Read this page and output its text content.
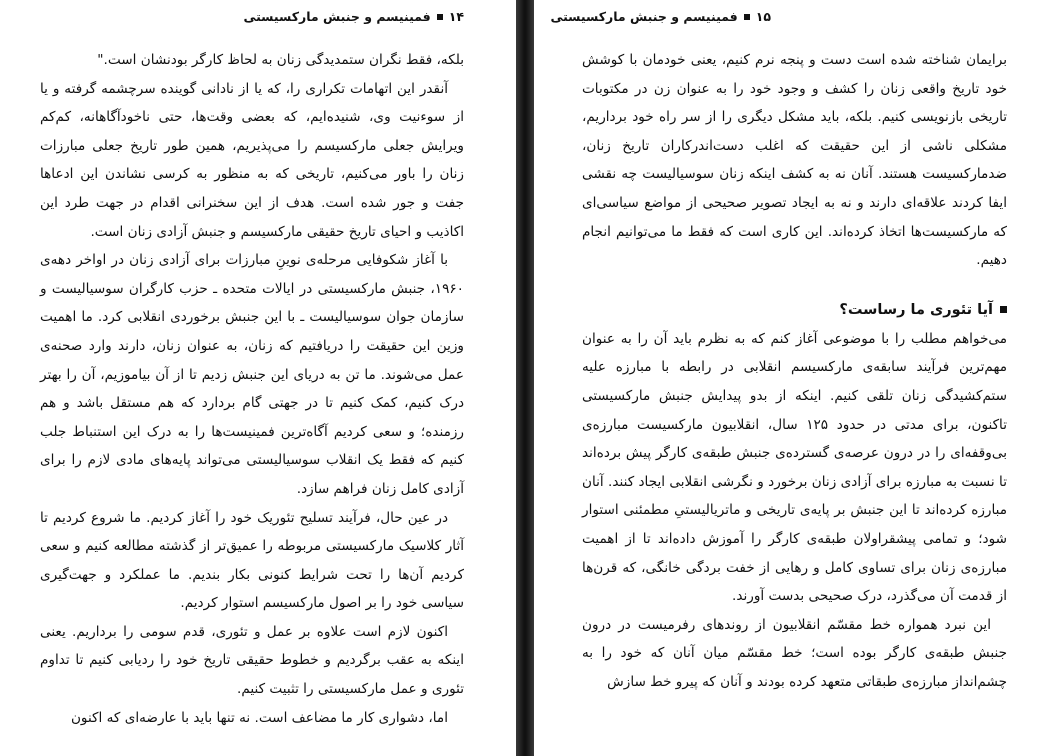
۱۴
فمینیسم و جنبش مارکسیستی

بلکه، فقط نگران ستمدیدگی زنان به لحاظ کارگر بودنشان است."

آنقدر این اتهامات تکراری را، که یا از نادانی گوینده سرچشمه گرفته و یا از سوءنیت وی، شنیده‌ایم، که بعضی وقت‌ها، حتی ناخودآگاهانه، کم‌کم ویرایش جعلی مارکسیسم را می‌پذیریم، همین طور تاریخ جعلی مبارزات زنان را باور می‌کنیم، تاریخی که به منظور به کرسی نشاندن این ادعاها جفت و جور شده است. هدف از این سخنرانی اقدام در جهت طرد این اکاذیب و احیای تاریخ حقیقی مارکسیسم و جنبش آزادی زنان است.

با آغاز شکوفایی مرحله‌ی نوینِ مبارزات برای آزادی زنان در اواخر دهه‌ی ۱۹۶۰، جنبش مارکسیستی در ایالات متحده ـ حزب کارگران سوسیالیست و سازمان جوان سوسیالیست ـ با این جنبش برخوردی انقلابی کرد. ما اهمیت وزین این حقیقت را دریافتیم که زنان، به عنوان زنان، دارند وارد صحنه‌ی عمل می‌شوند. ما تن به دریای این جنبش زدیم تا از آن بیاموزیم، آن را بهتر درک کنیم، کمک کنیم تا در جهتی گام بردارد که هم مستقل باشد و هم رزمنده؛ و سعی کردیم آگاه‌ترین فمینیست‌ها را به درک این استنباط جلب کنیم که فقط یک انقلاب سوسیالیستی می‌تواند پایه‌های مادی لازم را برای آزادی کامل زنان فراهم سازد.

در عین حال، فرآیند تسلیح تئوریک خود را آغاز کردیم. ما شروع کردیم تا آثار کلاسیک مارکسیستی مربوطه را عمیق‌تر از گذشته مطالعه کنیم و سعی کردیم آن‌ها را تحت شرایط کنونی بکار بندیم. ما عملکرد و جهت‌گیری سیاسی خود را بر اصول مارکسیسم استوار کردیم.

اکنون لازم است علاوه بر عمل و تئوری، قدم سومی را برداریم. یعنی اینکه به عقب برگردیم و خطوط حقیقی تاریخ خود را ردیابی کنیم تا تداوم تئوری و عمل مارکسیستی را تثبیت کنیم.

اما، دشواری کار ما مضاعف است. نه تنها باید با عارضه‌ای که اکنون

۱۵
فمینیسم و جنبش مارکسیستی

برایمان شناخته شده است دست و پنجه نرم کنیم، یعنی خودمان با کوشش خود تاریخ واقعی زنان را کشف و وجود خود را به عنوان زن در مکتوبات تاریخی بازنویسی کنیم. بلکه، باید مشکل دیگری را از سر راه خود برداریم، مشکلی ناشی از این حقیقت که اغلب دست‌اندرکاران تاریخ زنان، ضدمارکسیست هستند. آنان نه به کشف اینکه زنان سوسیالیست چه نقشی ایفا کردند علاقه‌ای دارند و نه به ایجاد تصویر صحیحی از مواضع سیاسی‌ای که مارکسیست‌ها اتخاذ کرده‌اند. این کاری است که فقط ما می‌توانیم انجام دهیم.

آیا تئوری ما رساست؟

می‌خواهم مطلب را با موضوعی آغاز کنم که به نظرم باید آن را به عنوان مهم‌ترین فرآیند سابقه‌ی مارکسیسم انقلابی در رابطه با مبارزه علیه ستم‌کشیدگی زنان تلقی کنیم. اینکه از بدو پیدایش جنبش مارکسیستی تاکنون، برای مدتی در حدود ۱۲۵ سال، انقلابیون مارکسیست مبارزه‌ی بی‌وقفه‌ای را در درون عرصه‌ی گسترده‌ی جنبش طبقه‌ی کارگر پیش برده‌اند تا نسبت به مبارزه برای آزادی زنان برخورد و نگرشی انقلابی ایجاد کنند. آنان مبارزه کرده‌اند تا این جنبش بر پایه‌ی تاریخی و ماتریالیستیِ مطمئنی استوار شود؛ و تمامی پیشقراولان طبقه‌ی کارگر را آموزش داده‌اند تا از اهمیت مبارزه‌ی زنان برای تساوی کامل و رهایی از خفت بردگی خانگی، که قرن‌ها از قدمت آن می‌گذرد، درک صحیحی بدست آورند.

این نبرد همواره خط مقسّم انقلابیون از روندهای رفرمیست در درون جنبش طبقه‌ی کارگر بوده است؛ خط مقسّم میان آنان که خود را به چشم‌انداز مبارزه‌ی طبقاتی متعهد کرده بودند و آنان که پیرو خط سازش
